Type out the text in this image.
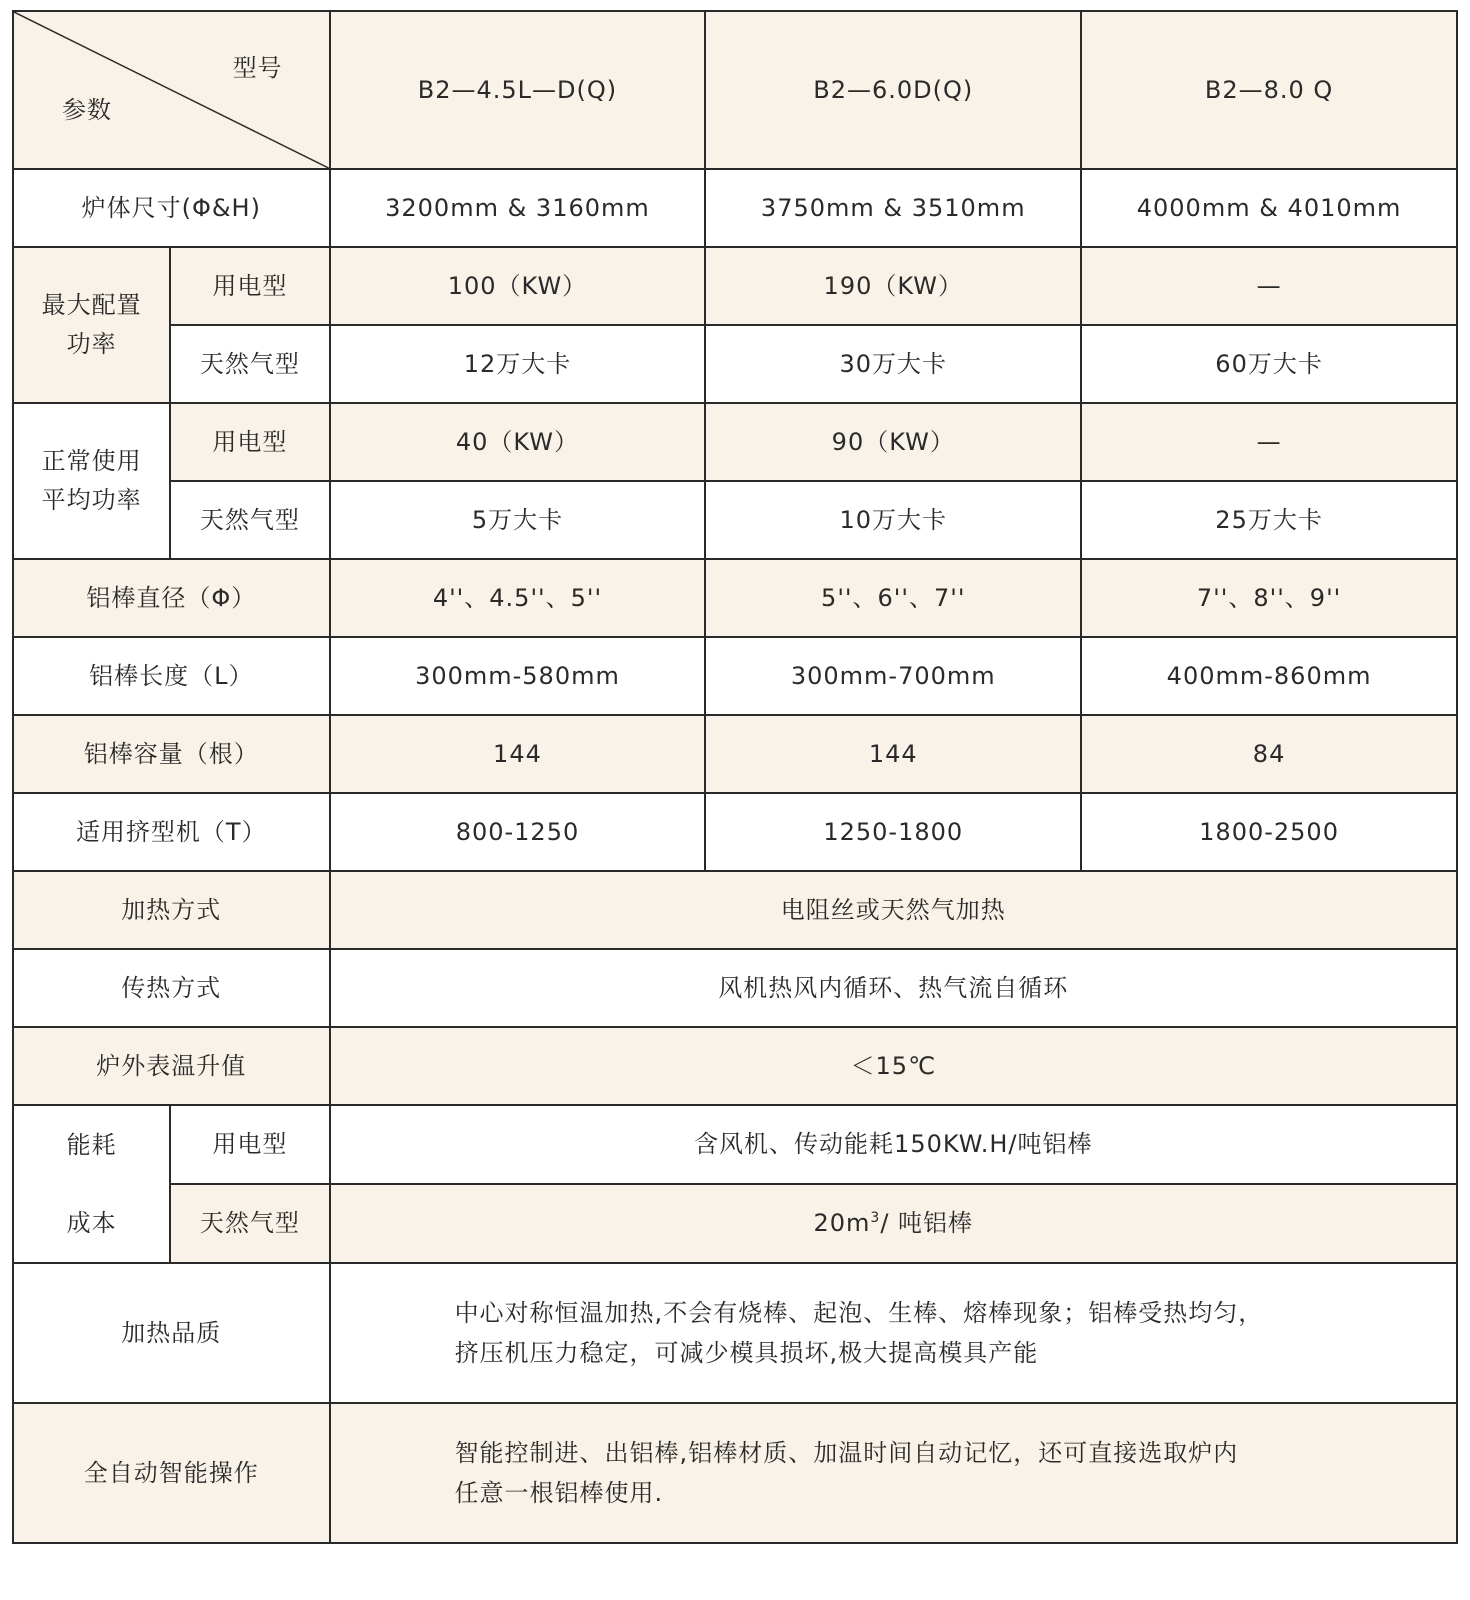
型号
参数		B2—4.5L—D(Q)	B2—6.0D(Q)	B2—8.0 Q
炉体尺寸(Φ&H)		3200mm & 3160mm	3750mm & 3510mm	4000mm & 4010mm

最大配置
功率	用电型	100（KW）	190（KW）	—
	天然气型	12万大卡	30万大卡	60万大卡

正常使用
平均功率	用电型	40（KW）	90（KW）	—
	天然气型	5万大卡	10万大卡	25万大卡
铝棒直径（Φ）		4''、4.5''、5''	5''、6''、7''	7''、8''、9''
铝棒长度（L）		300mm-580mm	300mm-700mm	400mm-860mm
铝棒容量（根）		144	144	84
适用挤型机（T）		800-1250	1250-1800	1800-2500
加热方式		电阻丝或天然气加热		
传热方式		风机热风内循环、热气流自循环		
炉外表温升值		＜15℃		

能耗
成本	用电型	含风机、传动能耗150KW.H/吨铝棒		
	天然气型	$20m^3/$ 吨铝棒		
加热品质		中心对称恒温加热,不会有烧棒、起泡、生棒、熔棒现象；铝棒受热均匀，
挤压机压力稳定，可减少模具损坏,极大提高模具产能		

全自动智能操作		智能控制进、出铝棒,铝棒材质、加温时间自动记忆，还可直接选取炉内
任意一根铝棒使用.		
